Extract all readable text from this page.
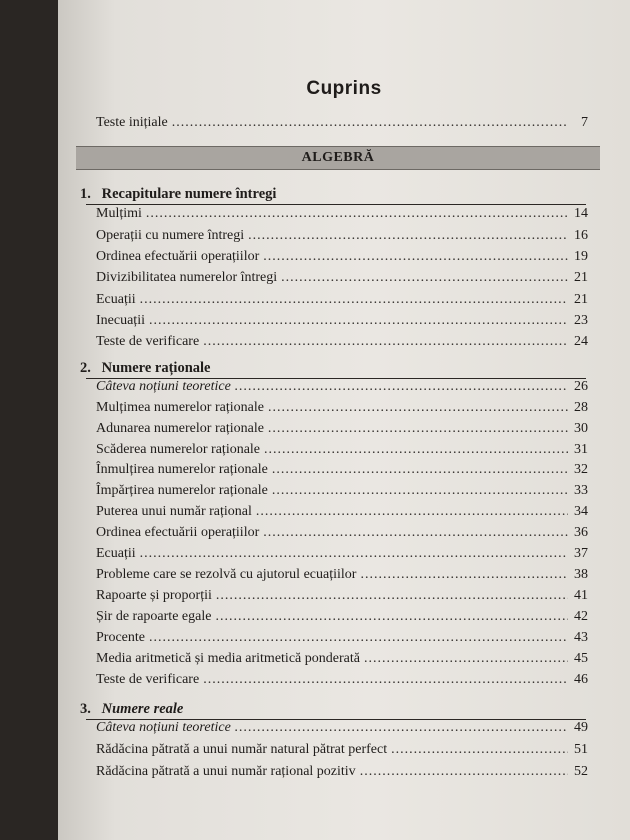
Cuprins
Teste inițiale .....	7
ALGEBRĂ
1. Recapitulare numere întregi
Mulțimi .....	14
Operații cu numere întregi .....	16
Ordinea efectuării operațiilor .....	19
Divizibilitatea numerelor întregi .....	21
Ecuații .....	21
Inecuații .....	23
Teste de verificare .....	24
2. Numere raționale
Câteva noțiuni teoretice .....	26
Mulțimea numerelor raționale .....	28
Adunarea numerelor raționale .....	30
Scăderea numerelor raționale .....	31
Înmulțirea numerelor raționale .....	32
Împărțirea numerelor raționale .....	33
Puterea unui număr rațional .....	34
Ordinea efectuării operațiilor .....	36
Ecuații .....	37
Probleme care se rezolvă cu ajutorul ecuațiilor .....	38
Rapoarte și proporții .....	41
Șir de rapoarte egale .....	42
Procente .....	43
Media aritmetică și media aritmetică ponderată .....	45
Teste de verificare .....	46
3. Numere reale
Câteva noțiuni teoretice .....	49
Rădăcina pătrată a unui număr natural pătrat perfect .....	51
Rădăcina pătrată a unui număr rațional pozitiv .....	52
